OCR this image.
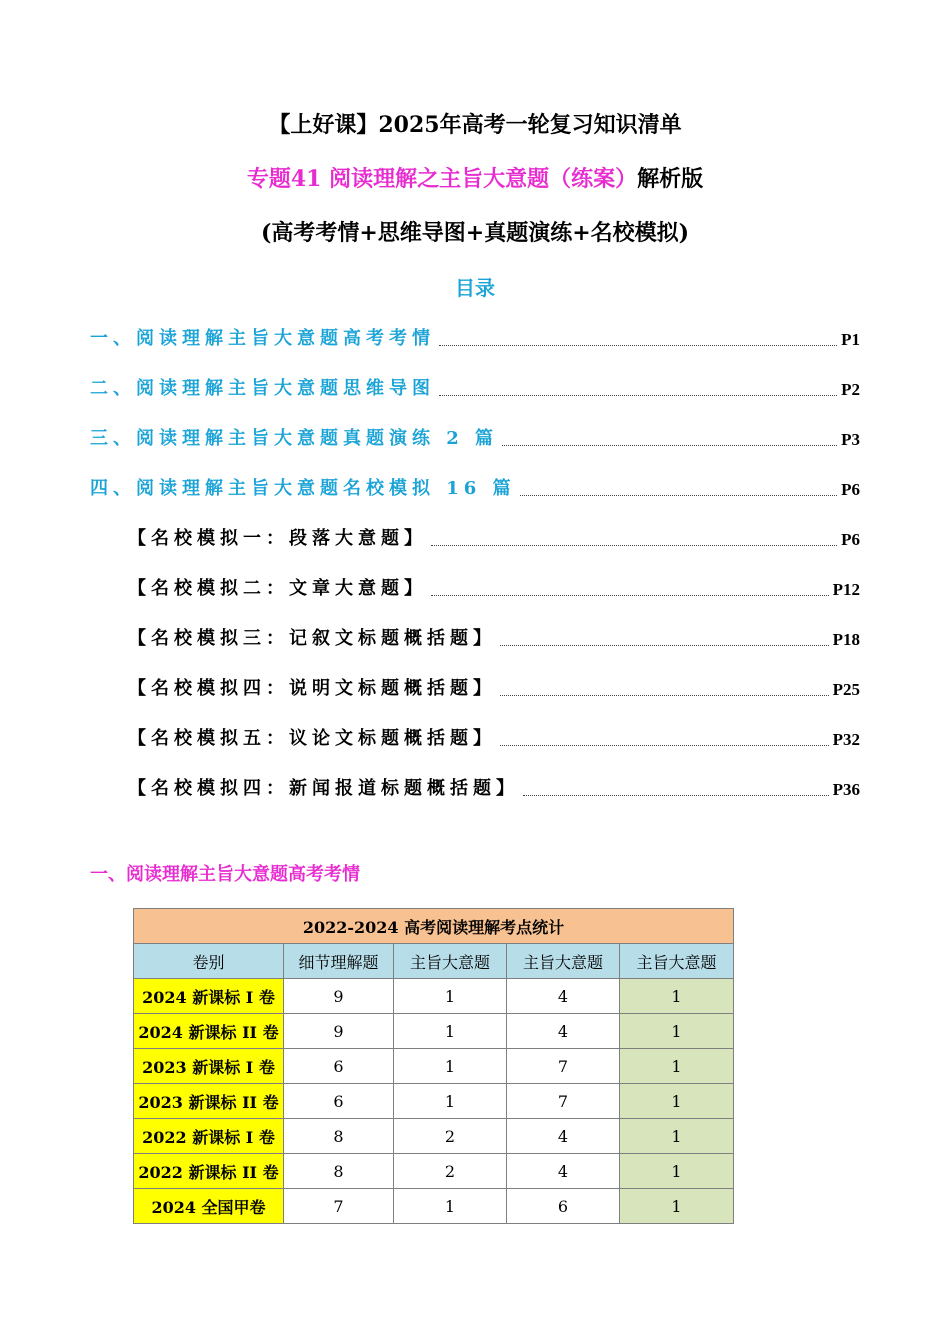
【上好课】2025年高考一轮复习知识清单
专题41 阅读理解之主旨大意题（练案）解析版
(高考考情+思维导图+真题演练+名校模拟)
目录
一、阅读理解主旨大意题高考考情	P1
二、阅读理解主旨大意题思维导图	P2
三、阅读理解主旨大意题真题演练 2 篇	P3
四、阅读理解主旨大意题名校模拟 16 篇	P6
【名校模拟一：段落大意题】	P6
【名校模拟二：文章大意题】	P12
【名校模拟三：记叙文标题概括题】	P18
【名校模拟四：说明文标题概括题】	P25
【名校模拟五：议论文标题概括题】	P32
【名校模拟四：新闻报道标题概括题】	P36
一、阅读理解主旨大意题高考考情
2022-2024 高考阅读理解考点统计				
卷别	细节理解题	主旨大意题	主旨大意题	主旨大意题
2024 新课标 I 卷	9	1	4	1
2024 新课标 II 卷	9	1	4	1
2023 新课标 I 卷	6	1	7	1
2023 新课标 II 卷	6	1	7	1
2022 新课标 I 卷	8	2	4	1
2022 新课标 II 卷	8	2	4	1
2024 全国甲卷	7	1	6	1
